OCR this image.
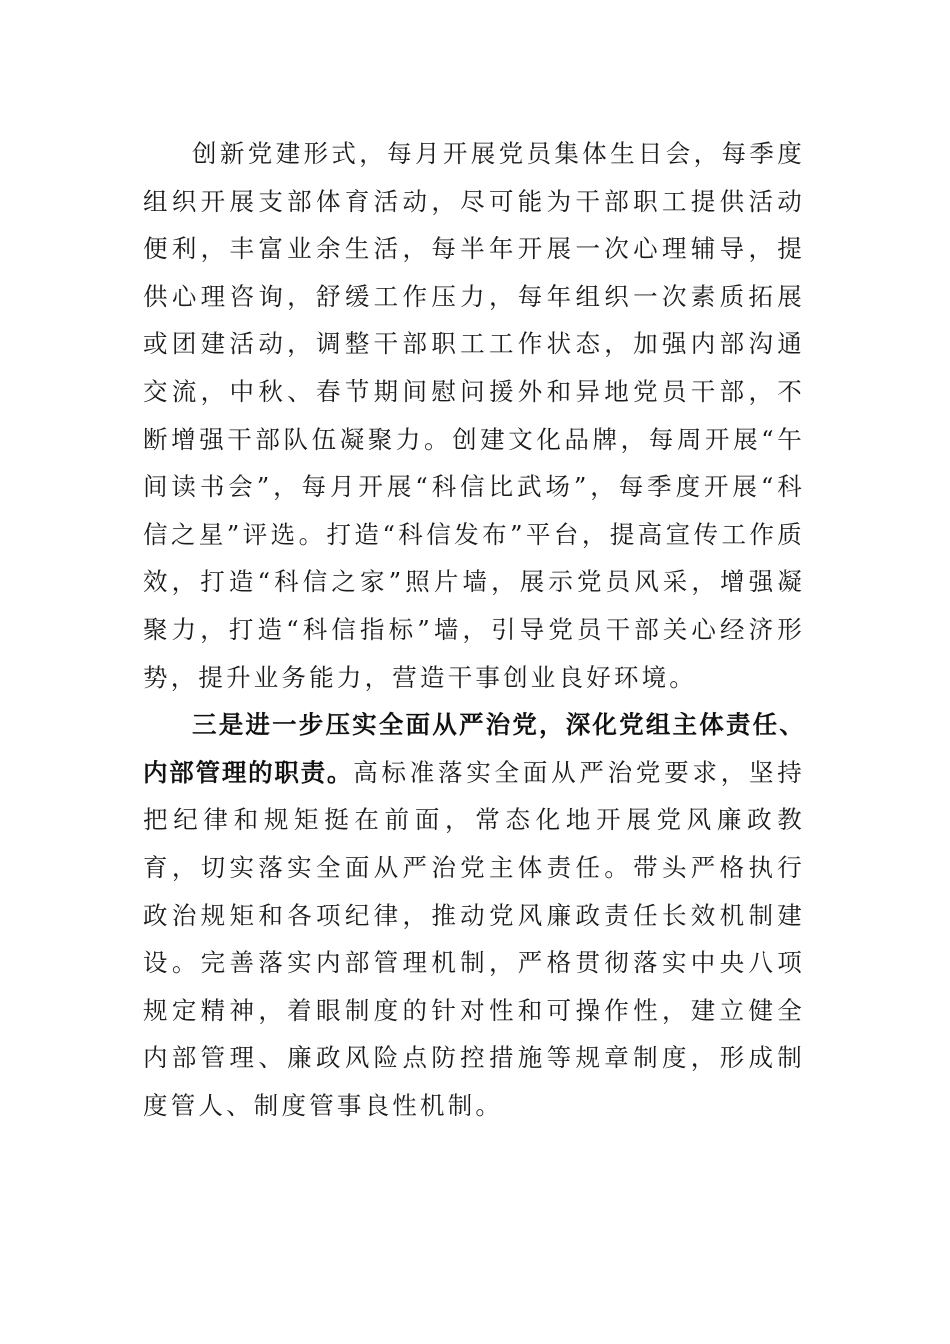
创新党建形式，每月开展党员集体生日会，每季度组织开展支部体育活动，尽可能为干部职工提供活动便利，丰富业余生活，每半年开展一次心理辅导，提供心理咨询，舒缓工作压力，每年组织一次素质拓展或团建活动，调整干部职工工作状态，加强内部沟通交流，中秋、春节期间慰问援外和异地党员干部，不断增强干部队伍凝聚力。创建文化品牌，每周开展“午间读书会”，每月开展“科信比武场”，每季度开展“科信之星”评选。打造“科信发布”平台，提高宣传工作质效，打造“科信之家”照片墙，展示党员风采，增强凝聚力，打造“科信指标”墙，引导党员干部关心经济形势，提升业务能力，营造干事创业良好环境。

三是进一步压实全面从严治党，深化党组主体责任、内部管理的职责。高标准落实全面从严治党要求，坚持把纪律和规矩挺在前面，常态化地开展党风廉政教育，切实落实全面从严治党主体责任。带头严格执行政治规矩和各项纪律，推动党风廉政责任长效机制建设。完善落实内部管理机制，严格贯彻落实中央八项规定精神，着眼制度的针对性和可操作性，建立健全内部管理、廉政风险点防控措施等规章制度，形成制度管人、制度管事良性机制。
